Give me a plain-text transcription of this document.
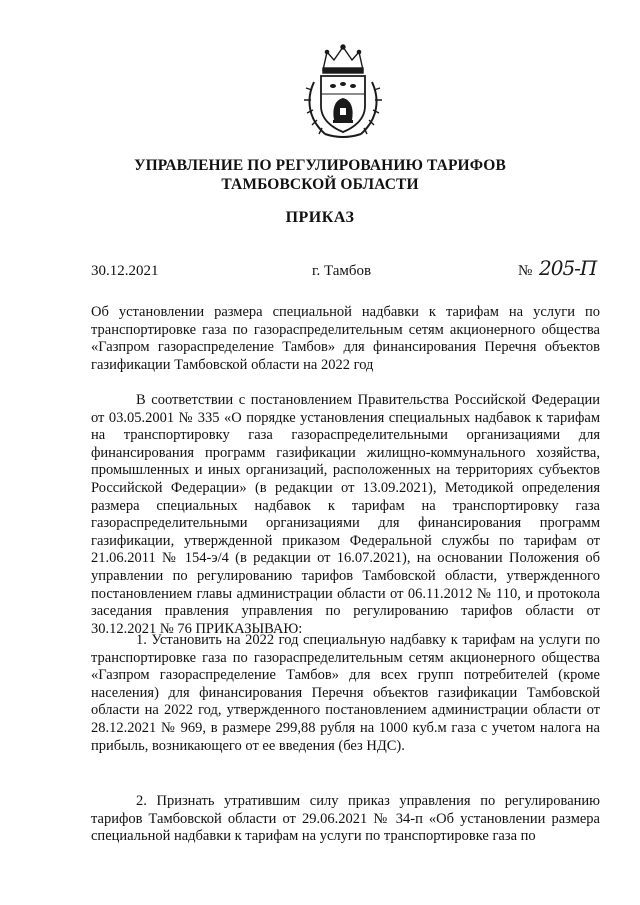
УПРАВЛЕНИЕ ПО РЕГУЛИРОВАНИЮ ТАРИФОВ
ТАМБОВСКОЙ ОБЛАСТИ
ПРИКАЗ
30.12.2021	г. Тамбов	№ 205-П
Об установлении размера специальной надбавки к тарифам на услуги по транспортировке газа по газораспределительным сетям акционерного общества «Газпром газораспределение Тамбов» для финансирования Перечня объектов газификации Тамбовской области на 2022 год
В соответствии с постановлением Правительства Российской Федерации от 03.05.2001 № 335 «О порядке установления специальных надбавок к тарифам на транспортировку газа газораспределительными организациями для финансирования программ газификации жилищно-коммунального хозяйства, промышленных и иных организаций, расположенных на территориях субъектов Российской Федерации» (в редакции от 13.09.2021), Методикой определения размера специальных надбавок к тарифам на транспортировку газа газораспределительными организациями для финансирования программ газификации, утвержденной приказом Федеральной службы по тарифам от 21.06.2011 № 154-э/4 (в редакции от 16.07.2021), на основании Положения об управлении по регулированию тарифов Тамбовской области, утвержденного постановлением главы администрации области от 06.11.2012 № 110, и протокола заседания правления управления по регулированию тарифов области от 30.12.2021 № 76 ПРИКАЗЫВАЮ:
1. Установить на 2022 год специальную надбавку к тарифам на услуги по транспортировке газа по газораспределительным сетям акционерного общества «Газпром газораспределение Тамбов» для всех групп потребителей (кроме населения) для финансирования Перечня объектов газификации Тамбовской области на 2022 год, утвержденного постановлением администрации области от 28.12.2021 № 969, в размере 299,88 рубля на 1000 куб.м газа с учетом налога на прибыль, возникающего от ее введения (без НДС).
2. Признать утратившим силу приказ управления по регулированию тарифов Тамбовской области от 29.06.2021 № 34-п «Об установлении размера специальной надбавки к тарифам на услуги по транспортировке газа по
